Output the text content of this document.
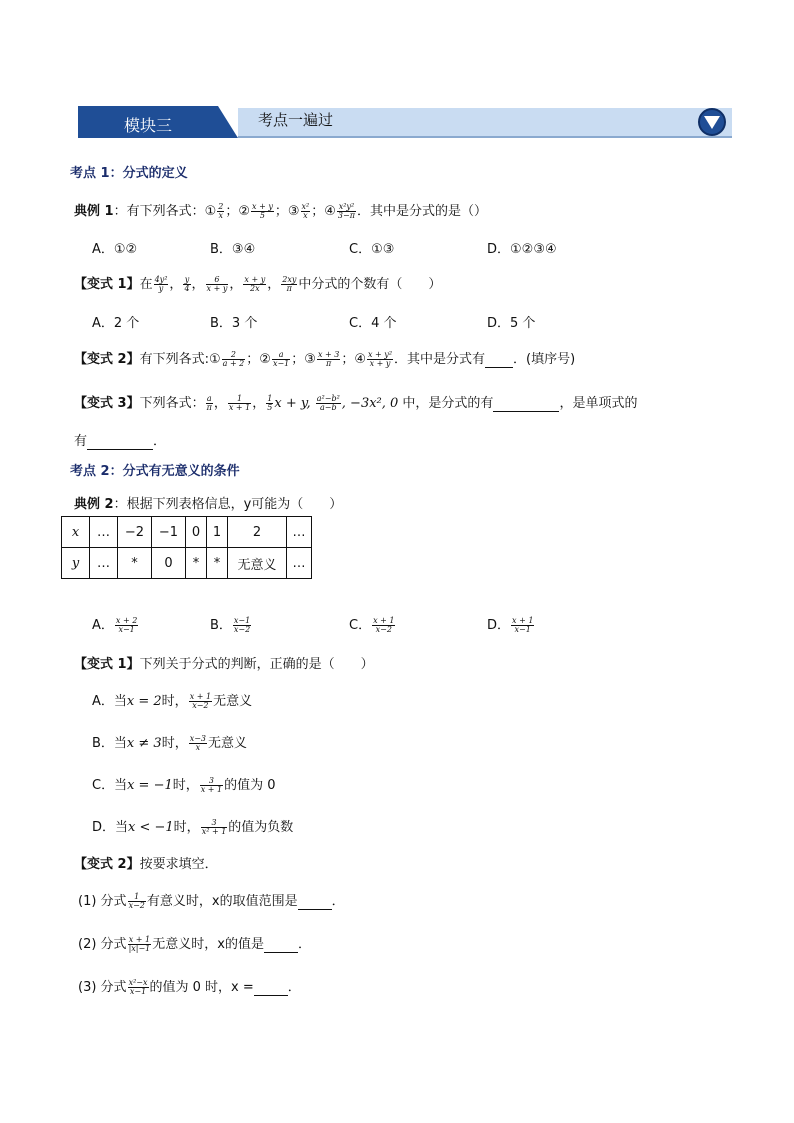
模块三	考点一遍过
考点 1：分式的定义
典例 1：有下列各式：① $\frac{2}{x}$ ；② $\frac{x + y}{5}$ ；③ $\frac{\text{x²}}{x}$ ；④ $\frac{\text{x²y²}}{3-\pi}$ ．其中是分式的是（）
A．①②	B．③④	C．①③	D．①②③④
【变式 1】在 $\frac{\text{4y²}}{y}$ ， $\frac{y}{4}$ ， $\frac{6}{x + y}$ ， $\frac{x + y}{2x}$ ， $\frac{2xy}{\pi}$ 中分式的个数有（　　）
A．2 个	B．3 个	C．4 个	D．5 个
【变式 2】有下列各式:① $\frac{2}{a + 2}$ ；② $\frac{a}{x-1}$ ；③ $\frac{x + 3}{\pi}$ ；④ $\frac{\text{x + y²}}{x + y}$ ．其中是分式有 ．(填序号)
【变式 3】下列各式： $\frac{a}{\pi}$ ， $\frac{1}{x + 1}$ ， $\frac{1}{5}$ x + y, $\frac{\text{a²−b²}}{a-b}$ , −3x², 0 中，是分式的有	，是单项式的
有	．
考点 2：分式有无意义的条件
典例 2：根据下列表格信息，y可能为（　　）
x	…	−2	−1	0	1	2	…
y	…	*	0	*	*	无意义	…
A． $\frac{x + 2}{x-1}$	B． $\frac{x-1}{x-2}$	C． $\frac{x + 1}{x-2}$	D． $\frac{x + 1}{x-1}$
【变式 1】下列关于分式的判断，正确的是（　　）
A．当x = 2时， $\frac{x + 1}{x-2}$ 无意义
B．当x ≠ 3时， $\frac{x-3}{x}$ 无意义
C．当x = −1时， $\frac{3}{x + 1}$ 的值为 0
D．当x < −1时， $\frac{3}{\text{x² + 1}}$ 的值为负数
【变式 2】按要求填空．
(1) 分式 $\frac{1}{x-2}$ 有意义时，x的取值范围是	．
(2) 分式 $\frac{x + 1}{|x|-1}$ 无意义时，x的值是	．
(3) 分式 $\frac{\text{x²−x}}{x-1}$ 的值为 0 时，x =	．
